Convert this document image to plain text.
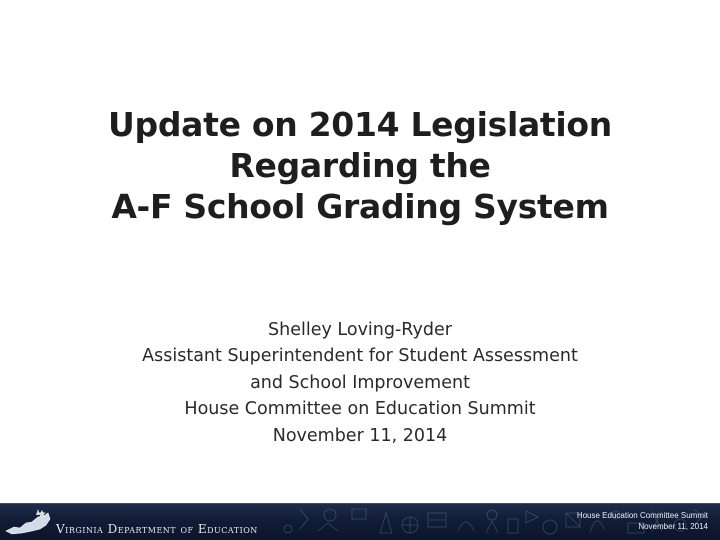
Update on 2014 Legislation
Regarding the
A-F School Grading System
Shelley Loving-Ryder
Assistant Superintendent for Student Assessment
and School Improvement
House Committee on Education Summit
November 11, 2014
Virginia Department of Education
House Education Committee Summit
November 11, 2014
